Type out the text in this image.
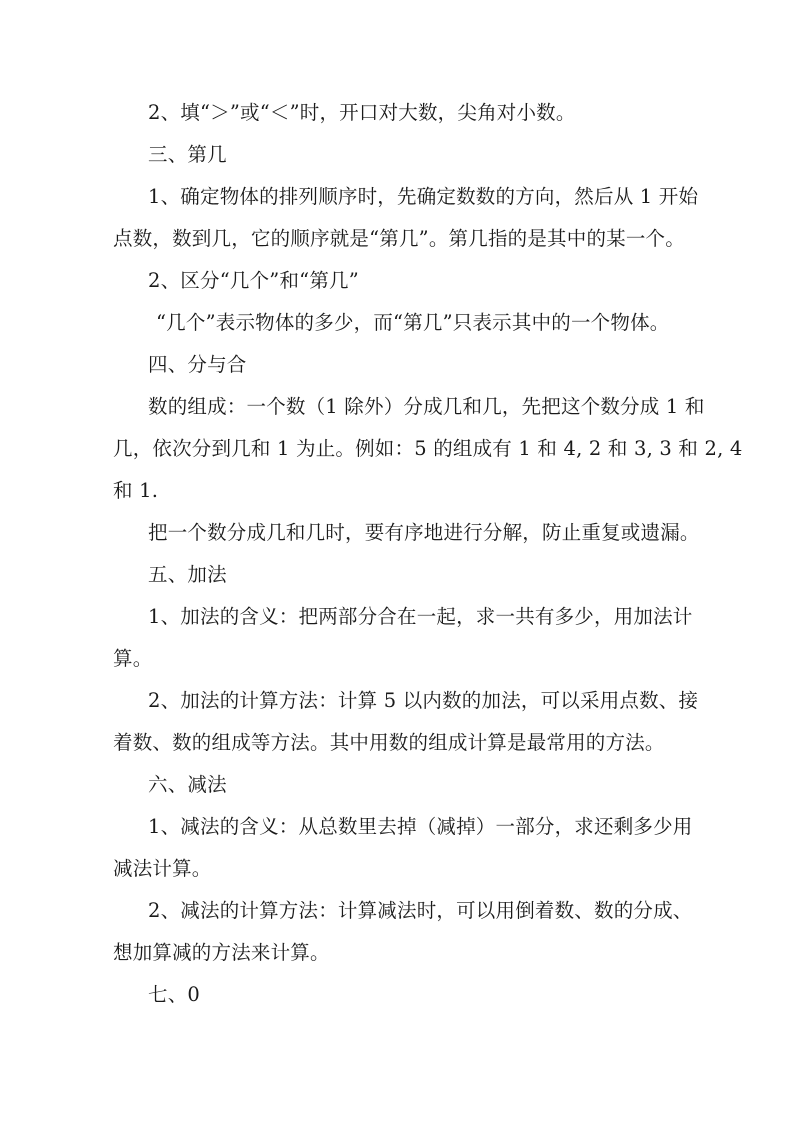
2、填“＞”或“＜”时，开口对大数，尖角对小数。
三、第几
1、确定物体的排列顺序时，先确定数数的方向，然后从 1 开始
点数，数到几，它的顺序就是“第几”。第几指的是其中的某一个。
2、区分“几个”和“第几”
“几个”表示物体的多少，而“第几”只表示其中的一个物体。
四、分与合
数的组成：一个数（1 除外）分成几和几，先把这个数分成 1 和
几，依次分到几和 1 为止。例如：5 的组成有 1 和 4, 2 和 3, 3 和 2, 4
和 1.
把一个数分成几和几时，要有序地进行分解，防止重复或遗漏。
五、加法
1、加法的含义：把两部分合在一起，求一共有多少，用加法计
算。
2、加法的计算方法：计算 5 以内数的加法，可以采用点数、接
着数、数的组成等方法。其中用数的组成计算是最常用的方法。
六、减法
1、减法的含义：从总数里去掉（减掉）一部分，求还剩多少用
减法计算。
2、减法的计算方法：计算减法时，可以用倒着数、数的分成、
想加算减的方法来计算。
七、0
